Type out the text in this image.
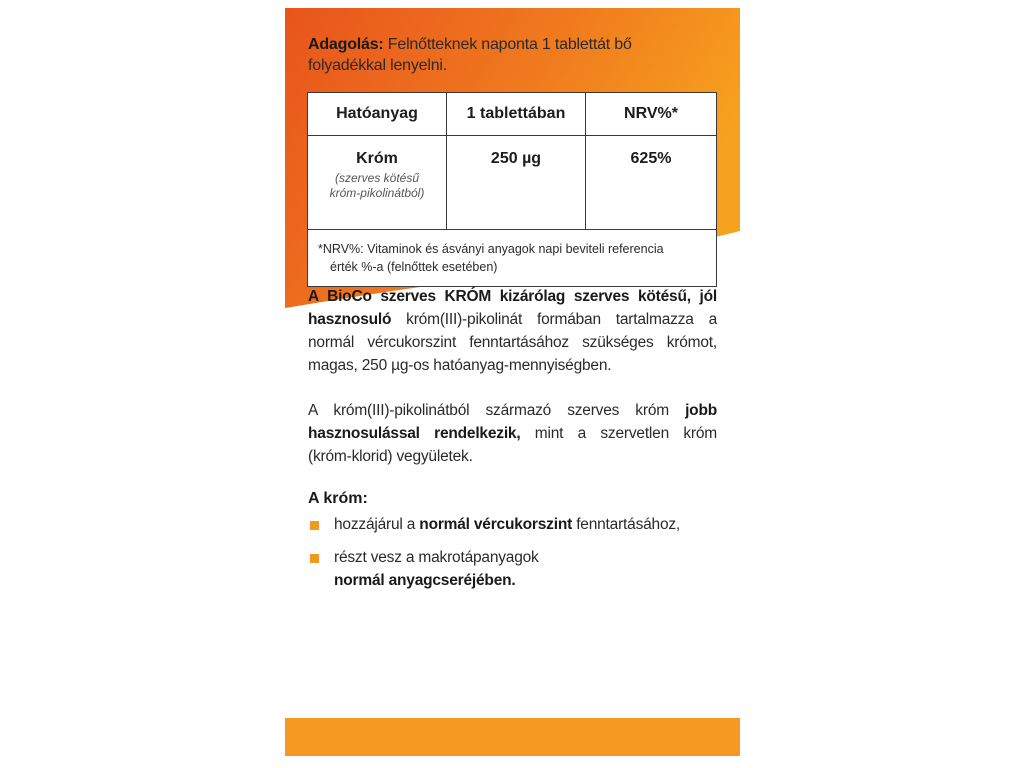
Adagolás: Felnőtteknek naponta 1 tablettát bő
folyadékkal lenyelni.
Hatóanyag	1 tablettában	NRV%*

Króm
(szerves kötésű
króm-pikolinátból)	250 µg	625%

*NRV%: Vitaminok és ásványi anyagok napi beviteli referencia
érték %-a (felnőttek esetében)		
A BioCo szerves KRÓM kizárólag szerves kötésű, jól
hasznosuló króm(III)-pikolinát formában tartalmazza a
normál vércukorszint fenntartásához szükséges krómot,
magas, 250 µg-os hatóanyag-mennyiségben.
A króm(III)-pikolinátból származó szerves króm jobb
hasznosulással rendelkezik, mint a szervetlen króm
(króm-klorid) vegyületek.
A króm:
hozzájárul a normál vércukorszint fenntartásához,
részt vesz a makrotápanyagok
normál anyagcseréjében.
